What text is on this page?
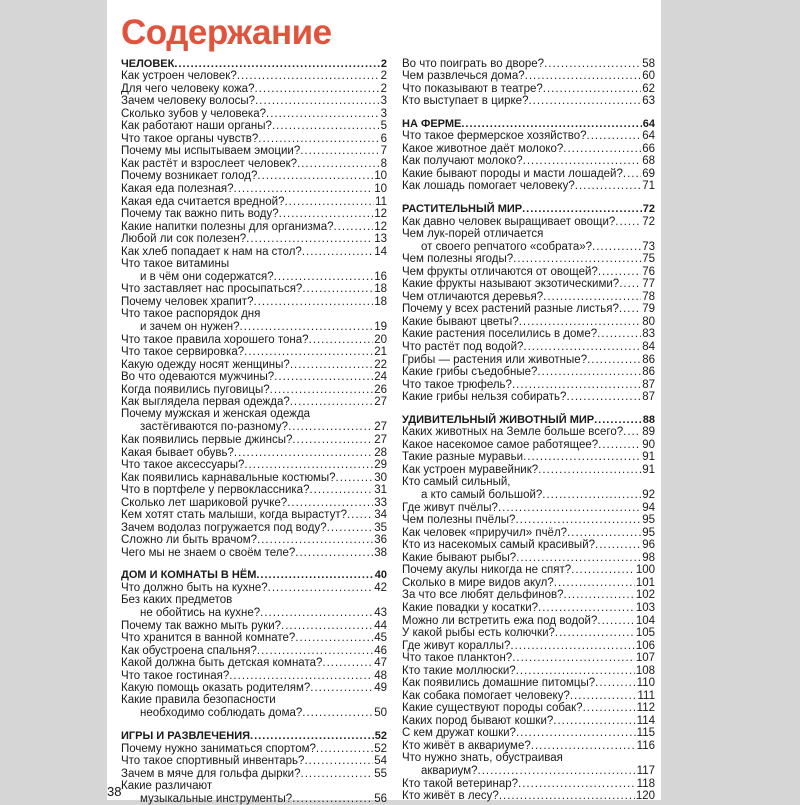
Содержание
ЧЕЛОВЕК .....	2
Как устроен человек? .....	2
Для чего человеку кожа? .....	2
Зачем человеку волосы? .....	3
Сколько зубов у человека? .....	3
Как работают наши органы? .....	5
Что такое органы чувств? .....	6
Почему мы испытываем эмоции? .....	7
Как растёт и взрослеет человек? .....	8
Почему возникает голод? .....	10
Какая еда полезная? .....	10
Какая еда считается вредной? .....	11
Почему так важно пить воду? .....	12
Какие напитки полезны для организма? .....	12
Любой ли сок полезен? .....	13
Как хлеб попадает к нам на стол? .....	14
Что такое витамины
и в чём они содержатся? .....	16
Что заставляет нас просыпаться? .....	18
Почему человек храпит? .....	18
Что такое распорядок дня
и зачем он нужен? .....	19
Что такое правила хорошего тона? .....	20
Что такое сервировка? .....	21
Какую одежду носят женщины? .....	22
Во что одеваются мужчины? .....	24
Когда появились пуговицы? .....	26
Как выглядела первая одежда? .....	27
Почему мужская и женская одежда
застёгиваются по-разному? .....	27
Как появились первые джинсы? .....	27
Какая бывает обувь? .....	28
Что такое аксессуары? .....	29
Как появились карнавальные костюмы? .....	30
Что в портфеле у первоклассника? .....	31
Сколько лет шариковой ручке? .....	33
Кем хотят стать малыши, когда вырастут? ..... 34
Зачем водолаз погружается под воду? .....	35
Сложно ли быть врачом? .....	36
Чего мы не знаем о своём теле? .....	38
ДОМ И КОМНАТЫ В НЁМ .....	40
Что должно быть на кухне? .....	42
Без каких предметов
не обойтись на кухне? .....	43
Почему так важно мыть руки? .....	44
Что хранится в ванной комнате? .....	45
Как обустроена спальня? .....	46
Какой должна быть детская комната? .....	47
Что такое гостиная? .....	48
Какую помощь оказать родителям? .....	49
Какие правила безопасности
необходимо соблюдать дома? .....	50
ИГРЫ И РАЗВЛЕЧЕНИЯ .....	52
Почему нужно заниматься спортом? .....	52
Что такое спортивный инвентарь? .....	54
Зачем в мяче для гольфа дырки? .....	55
Какие различают
музыкальные инструменты? .....	56
Во что поиграть во дворе? .....	58
Чем развлечься дома? .....	60
Что показывают в театре? .....	62
Кто выступает в цирке? .....	63
НА ФЕРМЕ .....	64
Что такое фермерское хозяйство? .....	64
Какое животное даёт молоко? .....	66
Как получают молоко? .....	68
Какие бывают породы и масти лошадей? ..... 69
Как лошадь помогает человеку? .....	71
РАСТИТЕЛЬНЫЙ МИР .....	72
Как давно человек выращивает овощи? ..... 72
Чем лук-порей отличается
от своего репчатого «собрата»? .....	73
Чем полезны ягоды? .....	75
Чем фрукты отличаются от овощей? .....	76
Какие фрукты называют экзотическими? ..... 77
Чем отличаются деревья? .....	78
Почему у всех растений разные листья? ..... 79
Какие бывают цветы? .....	80
Какие растения поселились в доме? .....	83
Что растёт под водой? .....	84
Грибы — растения или животные? .....	86
Какие грибы съедобные? .....	86
Что такое трюфель? .....	87
Какие грибы нельзя собирать? .....	87
УДИВИТЕЛЬНЫЙ ЖИВОТНЫЙ МИР .....	88
Каких животных на Земле больше всего? ..... 89
Какое насекомое самое работящее? .....	90
Такие разные муравьи .....	91
Как устроен муравейник? .....	91
Кто самый сильный,
а кто самый большой? .....	92
Где живут пчёлы? .....	94
Чем полезны пчёлы? .....	95
Как человек «приручил» пчёл? .....	95
Кто из насекомых самый красивый? .....	96
Какие бывают рыбы? .....	98
Почему акулы никогда не спят? .....	100
Сколько в мире видов акул? .....	101
За что все любят дельфинов? .....	102
Какие повадки у косатки? .....	103
Можно ли встретить ежа под водой? .....	104
У какой рыбы есть колючки? .....	105
Где живут кораллы? .....	106
Что такое планктон? .....	107
Кто такие моллюски? .....	108
Как появились домашние питомцы? .....	110
Как собака помогает человеку? .....	111
Какие существуют породы собак? .....	112
Каких пород бывают кошки? .....	114
С кем дружат кошки? .....	115
Кто живёт в аквариуме? .....	116
Что нужно знать, обустраивая
аквариум? .....	117
Кто такой ветеринар? .....	118
Кто живёт в лесу? .....	120
38
